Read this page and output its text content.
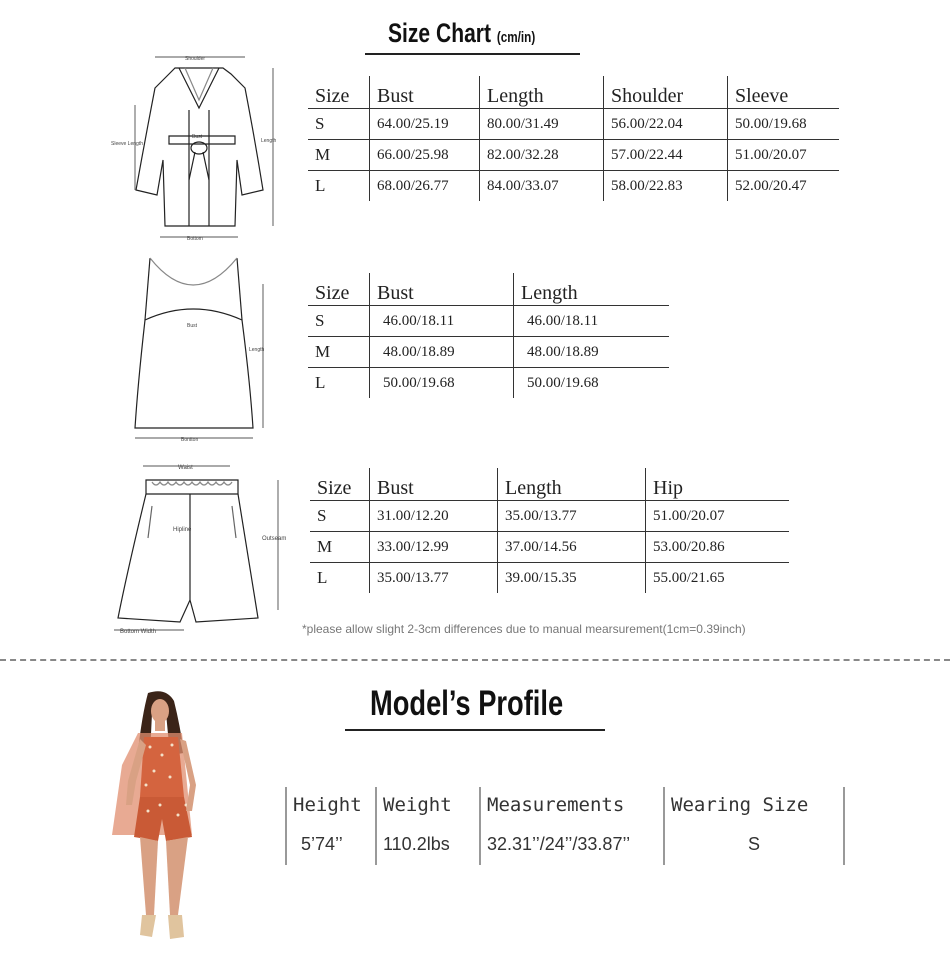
Size Chart (cm/in)
Shoulder
Sleeve Length
Bust
Length
Bottom
Size	Bust	Length	Shoulder	Sleeve
S	64.00/25.19	80.00/31.49	56.00/22.04	50.00/19.68
M	66.00/25.98	82.00/32.28	57.00/22.44	51.00/20.07
L	68.00/26.77	84.00/33.07	58.00/22.83	52.00/20.47
Bust
Length
Bontton
Size	Bust	Length
S	46.00/18.11	46.00/18.11
M	48.00/18.89	48.00/18.89
L	50.00/19.68	50.00/19.68
Waist
Hipline
Outseam
Bottom Width
Size	Bust	Length	Hip
S	31.00/12.20	35.00/13.77	51.00/20.07
M	33.00/12.99	37.00/14.56	53.00/20.86
L	35.00/13.77	39.00/15.35	55.00/21.65
*please allow slight 2-3cm differences due to manual mearsurement(1cm=0.39inch)
Model’s Profile
Height	Weight	Measurements	Wearing Size
5’74’’	110.2lbs	32.31’’/24’’/33.87’’	S
